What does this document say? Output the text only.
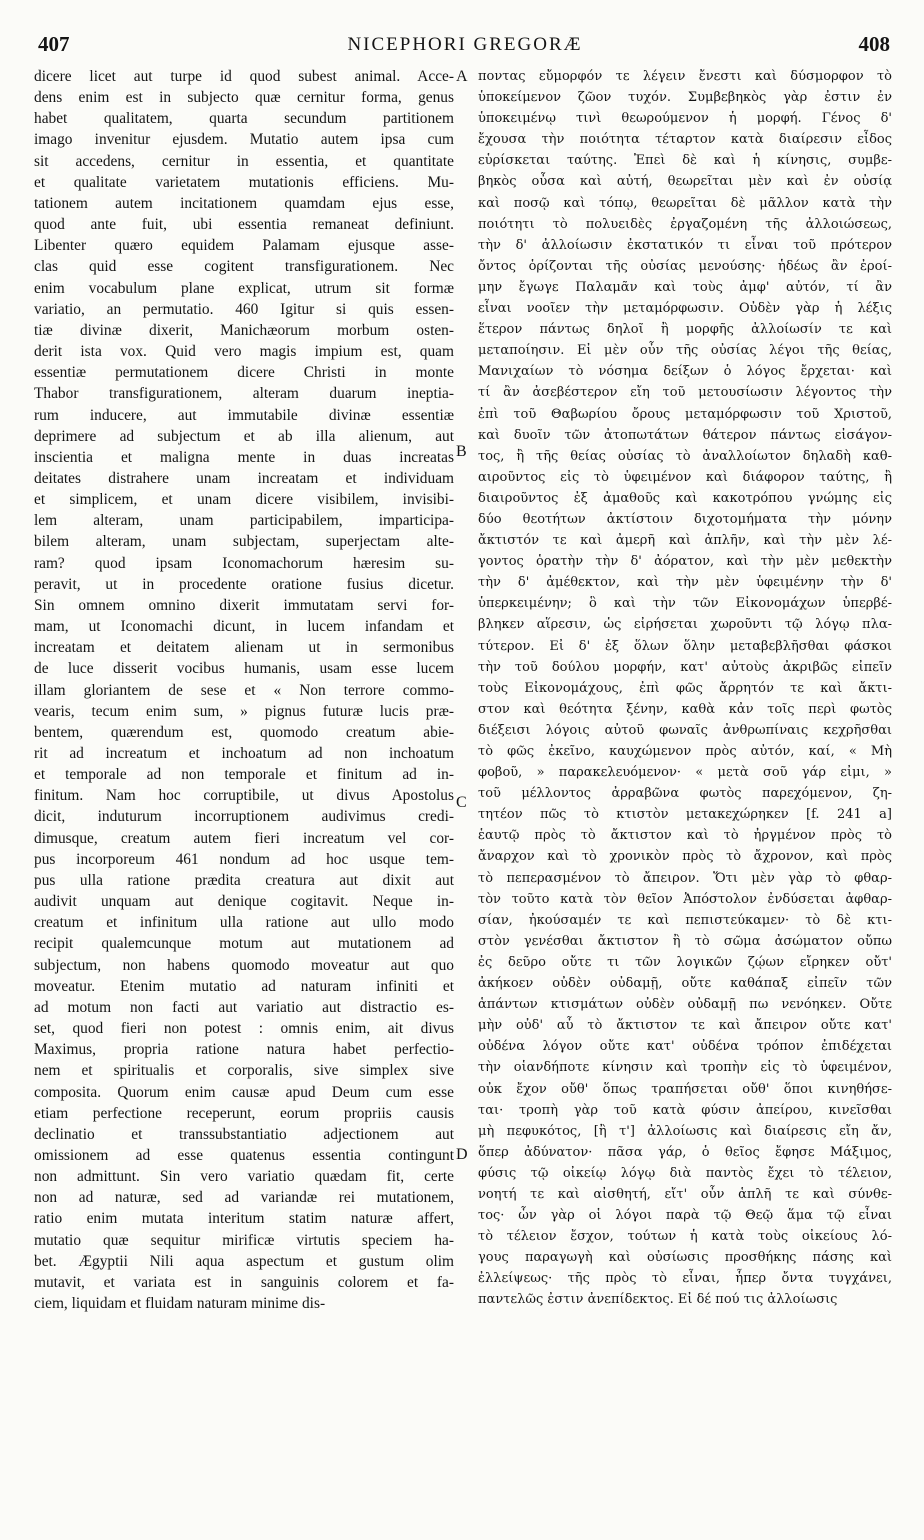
407	NICEPHORI GREGORÆ	408
dicere licet aut turpe id quod subest animal. Acce-
dens enim est in subjecto quæ cernitur forma, genus
habet qualitatem, quarta secundum partitionem
imago invenitur ejusdem. Mutatio autem ipsa cum
sit accedens, cernitur in essentia, et quantitate
et qualitate varietatem mutationis efficiens. Mu-
tationem autem incitationem quamdam ejus esse,
quod ante fuit, ubi essentia remaneat definiunt.
Libenter quæro equidem Palamam ejusque asse-
clas quid esse cogitent transfigurationem. Nec
enim vocabulum plane explicat, utrum sit formæ
variatio, an permutatio. 460 Igitur si quis essen-
tiæ divinæ dixerit, Manichæorum morbum osten-
derit ista vox. Quid vero magis impium est, quam
essentiæ permutationem dicere Christi in monte
Thabor transfigurationem, alteram duarum ineptia-
rum inducere, aut immutabile divinæ essentiæ
deprimere ad subjectum et ab illa alienum, aut
inscientia et maligna mente in duas increatas
deitates distrahere unam increatam et individuam
et simplicem, et unam dicere visibilem, invisibi-
lem alteram, unam participabilem, imparticipa-
bilem alteram, unam subjectam, superjectam alte-
ram? quod ipsam Iconomachorum hæresim su-
peravit, ut in procedente oratione fusius dicetur.
Sin omnem omnino dixerit immutatam servi for-
mam, ut Iconomachi dicunt, in lucem infandam et
increatam et deitatem alienam ut in sermonibus
de luce disserit vocibus humanis, usam esse lucem
illam gloriantem de sese et « Non terrore commo-
vearis, tecum enim sum, » pignus futuræ lucis præ-
bentem, quærendum est, quomodo creatum abie-
rit ad increatum et inchoatum ad non inchoatum
et temporale ad non temporale et finitum ad in-
finitum. Nam hoc corruptibile, ut divus Apostolus
dicit, induturum incorruptionem audivimus credi-
dimusque, creatum autem fieri increatum vel cor-
pus incorporeum 461 nondum ad hoc usque tem-
pus ulla ratione prædita creatura aut dixit aut
audivit unquam aut denique cogitavit. Neque in-
creatum et infinitum ulla ratione aut ullo modo
recipit qualemcunque motum aut mutationem ad
subjectum, non habens quomodo moveatur aut quo
moveatur. Etenim mutatio ad naturam infiniti et
ad motum non facti aut variatio aut distractio es-
set, quod fieri non potest : omnis enim, ait divus
Maximus, propria ratione natura habet perfectio-
nem et spiritualis et corporalis, sive simplex sive
composita. Quorum enim causæ apud Deum cum esse
etiam perfectione receperunt, eorum propriis causis
declinatio et transsubstantiatio adjectionem aut
omissionem ad esse quatenus essentia contingunt
non admittunt. Sin vero variatio quædam fit, certe
non ad naturæ, sed ad variandæ rei mutationem,
ratio enim mutata interitum statim naturæ affert,
mutatio quæ sequitur mirificæ virtutis speciem ha-
bet. Ægyptii Nili aqua aspectum et gustum olim
mutavit, et variata est in sanguinis colorem et fa-
ciem, liquidam et fluidam naturam minime dis-
ποντας εὔμορφόν τε λέγειν ἔνεστι καὶ δύσμορφον τὸ
ὑποκείμενον ζῶον τυχόν. Συμβεβηκὸς γὰρ ἐστιν ἐν
ὑποκειμένῳ τινὶ θεωρούμενον ἡ μορφή. Γένος δ'
ἔχουσα τὴν ποιότητα τέταρτον κατὰ διαίρεσιν εἶδος
εὑρίσκεται ταύτης. Ἐπεὶ δὲ καὶ ἡ κίνησις, συμβε-
βηκὸς οὖσα καὶ αὐτή, θεωρεῖται μὲν καὶ ἐν οὐσίᾳ
καὶ ποσῷ καὶ τόπῳ, θεωρεῖται δὲ μᾶλλον κατὰ τὴν
ποιότητι τὸ πολυειδὲς ἐργαζομένη τῆς ἀλλοιώσεως,
τὴν δ' ἀλλοίωσιν ἐκστατικόν τι εἶναι τοῦ πρότερον
ὄντος ὁρίζονται τῆς οὐσίας μενούσης· ἡδέως ἂν ἐροί-
μην ἔγωγε Παλαμᾶν καὶ τοὺς ἀμφ' αὐτόν, τί ἂν
εἶναι νοοῖεν τὴν μεταμόρφωσιν. Οὐδὲν γὰρ ἡ λέξις
ἕτερον πάντως δηλοῖ ἢ μορφῆς ἀλλοίωσίν τε καὶ
μεταποίησιν. Εἰ μὲν οὖν τῆς οὐσίας λέγοι τῆς θείας,
Μανιχαίων τὸ νόσημα δείξων ὁ λόγος ἔρχεται· καὶ
τί ἂν ἀσεβέστερον εἴη τοῦ μετουσίωσιν λέγοντος τὴν
ἐπὶ τοῦ Θαβωρίου ὄρους μεταμόρφωσιν τοῦ Χριστοῦ,
καὶ δυοῖν τῶν ἀτοπωτάτων θάτερον πάντως εἰσάγον-
τος, ἢ τῆς θείας οὐσίας τὸ ἀναλλοίωτον δηλαδὴ καθ-
αιροῦντος εἰς τὸ ὑφειμένον καὶ διάφορον ταύτης, ἢ
διαιροῦντος ἐξ ἀμαθοῦς καὶ κακοτρόπου γνώμης εἰς
δύο θεοτήτων ἀκτίστοιν διχοτομήματα τὴν μόνην
ἄκτιστόν τε καὶ ἀμερῆ καὶ ἁπλῆν, καὶ τὴν μὲν λέ-
γοντος ὁρατὴν τὴν δ' ἀόρατον, καὶ τὴν μὲν μεθεκτὴν
τὴν δ' ἀμέθεκτον, καὶ τὴν μὲν ὑφειμένην τὴν δ'
ὑπερκειμένην; ὃ καὶ τὴν τῶν Εἰκονομάχων ὑπερβέ-
βληκεν αἵρεσιν, ὡς εἰρήσεται χωροῦντι τῷ λόγῳ πλα-
τύτερον. Εἰ δ' ἐξ ὅλων ὅλην μεταβεβλῆσθαι φάσκοι
τὴν τοῦ δούλου μορφήν, κατ' αὐτοὺς ἀκριβῶς εἰπεῖν
τοὺς Εἰκονομάχους, ἐπὶ φῶς ἄρρητόν τε καὶ ἄκτι-
στον καὶ θεότητα ξένην, καθὰ κἀν τοῖς περὶ φωτὸς
διέξεισι λόγοις αὐτοῦ φωναῖς ἀνθρωπίναις κεχρῆσθαι
τὸ φῶς ἐκεῖνο, καυχώμενον πρὸς αὐτόν, καί, « Μὴ
φοβοῦ, » παρακελευόμενον· « μετὰ σοῦ γάρ εἰμι, »
τοῦ μέλλοντος ἀρραβῶνα φωτὸς παρεχόμενον, ζη-
τητέον πῶς τὸ κτιστὸν μετακεχώρηκεν [f. 241 a]
ἑαυτῷ πρὸς τὸ ἄκτιστον καὶ τὸ ἠργμένον πρὸς τὸ
ἄναρχον καὶ τὸ χρονικὸν πρὸς τὸ ἄχρονον, καὶ πρὸς
τὸ πεπερασμένον τὸ ἄπειρον. Ὅτι μὲν γὰρ τὸ φθαρ-
τὸν τοῦτο κατὰ τὸν θεῖον Ἀπόστολον ἐνδύσεται ἀφθαρ-
σίαν, ἠκούσαμέν τε καὶ πεπιστεύκαμεν· τὸ δὲ κτι-
στὸν γενέσθαι ἄκτιστον ἢ τὸ σῶμα ἀσώματον οὔπω
ἐς δεῦρο οὔτε τι τῶν λογικῶν ζῴων εἴρηκεν οὔτ'
ἀκήκοεν οὐδὲν οὐδαμῇ, οὔτε καθάπαξ εἰπεῖν τῶν
ἁπάντων κτισμάτων οὐδὲν οὐδαμῇ πω νενόηκεν. Οὔτε
μὴν οὐδ' αὖ τὸ ἄκτιστον τε καὶ ἄπειρον οὔτε κατ'
οὐδένα λόγον οὔτε κατ' οὐδένα τρόπον ἐπιδέχεται
τὴν οἱανδήποτε κίνησιν καὶ τροπὴν εἰς τὸ ὑφειμένον,
οὐκ ἔχον οὔθ' ὅπως τραπήσεται οὔθ' ὅποι κινηθήσε-
ται· τροπὴ γὰρ τοῦ κατὰ φύσιν ἀπείρου, κινεῖσθαι
μὴ πεφυκότος, [ἢ τ'] ἀλλοίωσις καὶ διαίρεσις εἴη ἄν,
ὅπερ ἀδύνατον· πᾶσα γάρ, ὁ θεῖος ἔφησε Μάξιμος,
φύσις τῷ οἰκείῳ λόγῳ διὰ παντὸς ἔχει τὸ τέλειον,
νοητή τε καὶ αἰσθητή, εἴτ' οὖν ἁπλῆ τε καὶ σύνθε-
τος· ὧν γὰρ οἱ λόγοι παρὰ τῷ Θεῷ ἅμα τῷ εἶναι
τὸ τέλειον ἔσχον, τούτων ἡ κατὰ τοὺς οἰκείους λό-
γους παραγωγὴ καὶ οὐσίωσις προσθήκης πάσης καὶ
ἐλλείψεως· τῆς πρὸς τὸ εἶναι, ἧπερ ὄντα τυγχάνει,
παντελῶς ἐστιν ἀνεπίδεκτος. Εἰ δέ πού τις ἀλλοίωσις
A
B
C
D
